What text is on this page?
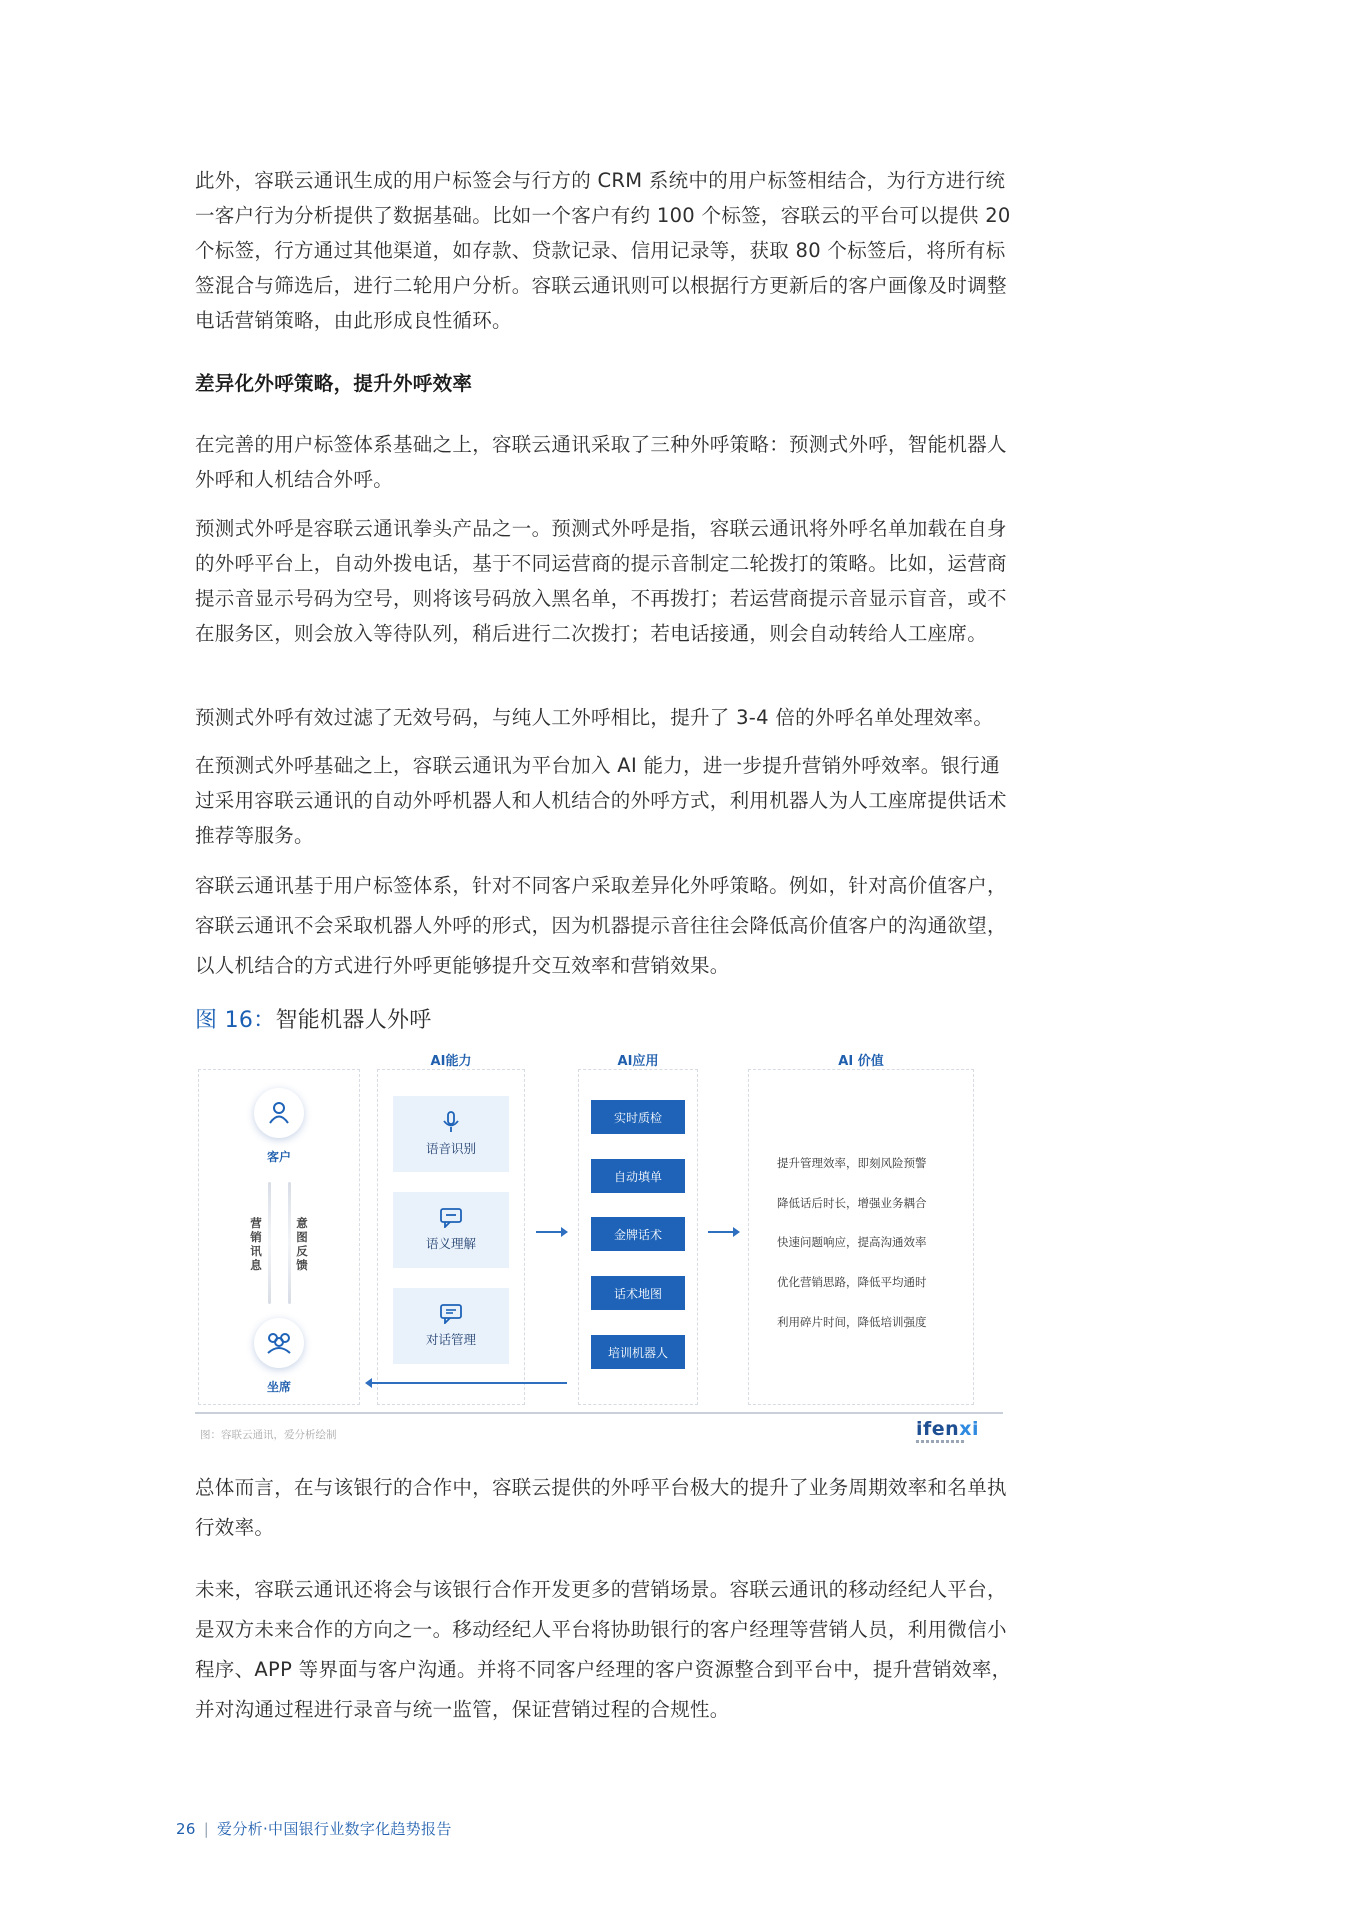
此外，容联云通讯生成的用户标签会与行方的 CRM 系统中的用户标签相结合，为行方进行统一客户行为分析提供了数据基础。比如一个客户有约 100 个标签，容联云的平台可以提供 20 个标签，行方通过其他渠道，如存款、贷款记录、信用记录等，获取 80 个标签后，将所有标签混合与筛选后，进行二轮用户分析。容联云通讯则可以根据行方更新后的客户画像及时调整电话营销策略，由此形成良性循环。

差异化外呼策略，提升外呼效率

在完善的用户标签体系基础之上，容联云通讯采取了三种外呼策略：预测式外呼，智能机器人外呼和人机结合外呼。

预测式外呼是容联云通讯拳头产品之一。预测式外呼是指，容联云通讯将外呼名单加载在自身的外呼平台上，自动外拨电话，基于不同运营商的提示音制定二轮拨打的策略。比如，运营商提示音显示号码为空号，则将该号码放入黑名单，不再拨打；若运营商提示音显示盲音，或不在服务区，则会放入等待队列，稍后进行二次拨打；若电话接通，则会自动转给人工座席。

预测式外呼有效过滤了无效号码，与纯人工外呼相比，提升了 3-4 倍的外呼名单处理效率。

在预测式外呼基础之上，容联云通讯为平台加入 AI 能力，进一步提升营销外呼效率。银行通过采用容联云通讯的自动外呼机器人和人机结合的外呼方式，利用机器人为人工座席提供话术推荐等服务。

容联云通讯基于用户标签体系，针对不同客户采取差异化外呼策略。例如，针对高价值客户，容联云通讯不会采取机器人外呼的形式，因为机器提示音往往会降低高价值客户的沟通欲望，以人机结合的方式进行外呼更能够提升交互效率和营销效果。

图 16：智能机器人外呼

客户
营销讯息
意图反馈
坐席
AI能力
语音识别
语义理解
对话管理
AI应用
实时质检
自动填单
金牌话术
话术地图
培训机器人
AI 价值
提升管理效率，即刻风险预警
降低话后时长，增强业务耦合
快速问题响应，提高沟通效率
优化营销思路，降低平均通时
利用碎片时间，降低培训强度
图：容联云通讯，爱分析绘制	ifenxi

总体而言，在与该银行的合作中，容联云提供的外呼平台极大的提升了业务周期效率和名单执行效率。

未来，容联云通讯还将会与该银行合作开发更多的营销场景。容联云通讯的移动经纪人平台，是双方未来合作的方向之一。移动经纪人平台将协助银行的客户经理等营销人员，利用微信小程序、APP 等界面与客户沟通。并将不同客户经理的客户资源整合到平台中，提升营销效率，并对沟通过程进行录音与统一监管，保证营销过程的合规性。

26 | 爱分析·中国银行业数字化趋势报告
